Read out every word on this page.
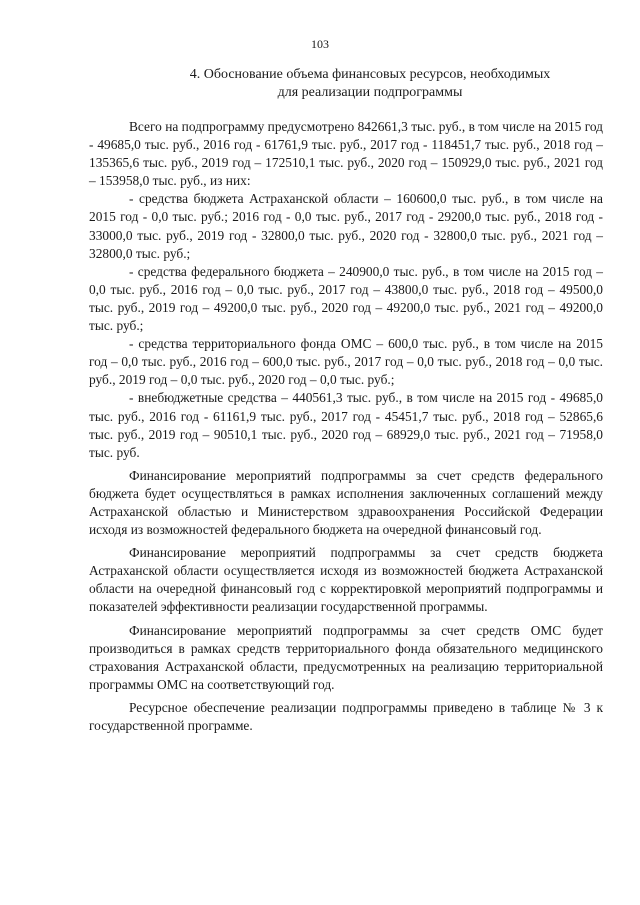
103
4. Обоснование объема финансовых ресурсов, необходимых
для реализации подпрограммы

Всего на подпрограмму предусмотрено 842661,3 тыс. руб., в том числе на 2015 год - 49685,0 тыс. руб., 2016 год - 61761,9 тыс. руб., 2017 год - 118451,7 тыс. руб., 2018 год – 135365,6 тыс. руб., 2019 год – 172510,1 тыс. руб., 2020 год – 150929,0 тыс. руб., 2021 год – 153958,0 тыс. руб., из них:

- средства бюджета Астраханской области – 160600,0 тыс. руб., в том числе на 2015 год - 0,0 тыс. руб.; 2016 год - 0,0 тыс. руб., 2017 год - 29200,0 тыс. руб., 2018 год - 33000,0 тыс. руб., 2019 год - 32800,0 тыс. руб., 2020 год - 32800,0 тыс. руб., 2021 год – 32800,0 тыс. руб.;

- средства федерального бюджета – 240900,0 тыс. руб., в том числе на 2015 год – 0,0 тыс. руб., 2016 год – 0,0 тыс. руб., 2017 год – 43800,0 тыс. руб., 2018 год – 49500,0 тыс. руб., 2019 год – 49200,0 тыс. руб., 2020 год – 49200,0 тыс. руб., 2021 год – 49200,0 тыс. руб.;

- средства территориального фонда ОМС – 600,0 тыс. руб., в том числе на 2015 год – 0,0 тыс. руб., 2016 год – 600,0 тыс. руб., 2017 год – 0,0 тыс. руб., 2018 год – 0,0 тыс. руб., 2019 год – 0,0 тыс. руб., 2020 год – 0,0 тыс. руб.;

- внебюджетные средства – 440561,3 тыс. руб., в том числе на 2015 год - 49685,0 тыс. руб., 2016 год - 61161,9 тыс. руб., 2017 год - 45451,7 тыс. руб., 2018 год – 52865,6 тыс. руб., 2019 год – 90510,1 тыс. руб., 2020 год – 68929,0 тыс. руб., 2021 год – 71958,0 тыс. руб.

Финансирование мероприятий подпрограммы за счет средств федерального бюджета будет осуществляться в рамках исполнения заключенных соглашений между Астраханской областью и Министерством здравоохранения Российской Федерации исходя из возможностей федерального бюджета на очередной финансовый год.

Финансирование мероприятий подпрограммы за счет средств бюджета Астраханской области осуществляется исходя из возможностей бюджета Астраханской области на очередной финансовый год с корректировкой мероприятий подпрограммы и показателей эффективности реализации государственной программы.

Финансирование мероприятий подпрограммы за счет средств ОМС будет производиться в рамках средств территориального фонда обязательного медицинского страхования Астраханской области, предусмотренных на реализацию территориальной программы ОМС на соответствующий год.

Ресурсное обеспечение реализации подпрограммы приведено в таблице № 3 к государственной программе.
